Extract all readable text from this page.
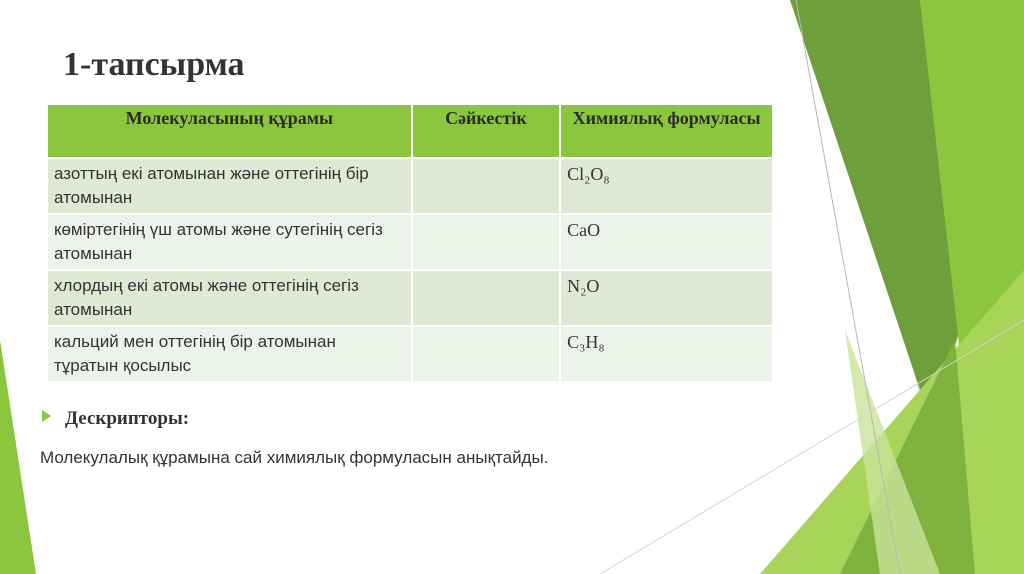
1-тапсырма
Молекуласының құрамы	Сәйкестік	Химиялық формуласы
азоттың екі атомынан және оттегінің бір атомынан		Cl₂O₈
көміртегінің үш атомы және сутегінің сегіз атомынан		CaO
хлордың екі атомы және оттегінің сегіз атомынан		N₂O
кальций мен оттегінің бір атомынан тұратын қосылыс		C₃H₈
Дескрипторы:
Молекулалық құрамына сай химиялық формуласын анықтайды.
